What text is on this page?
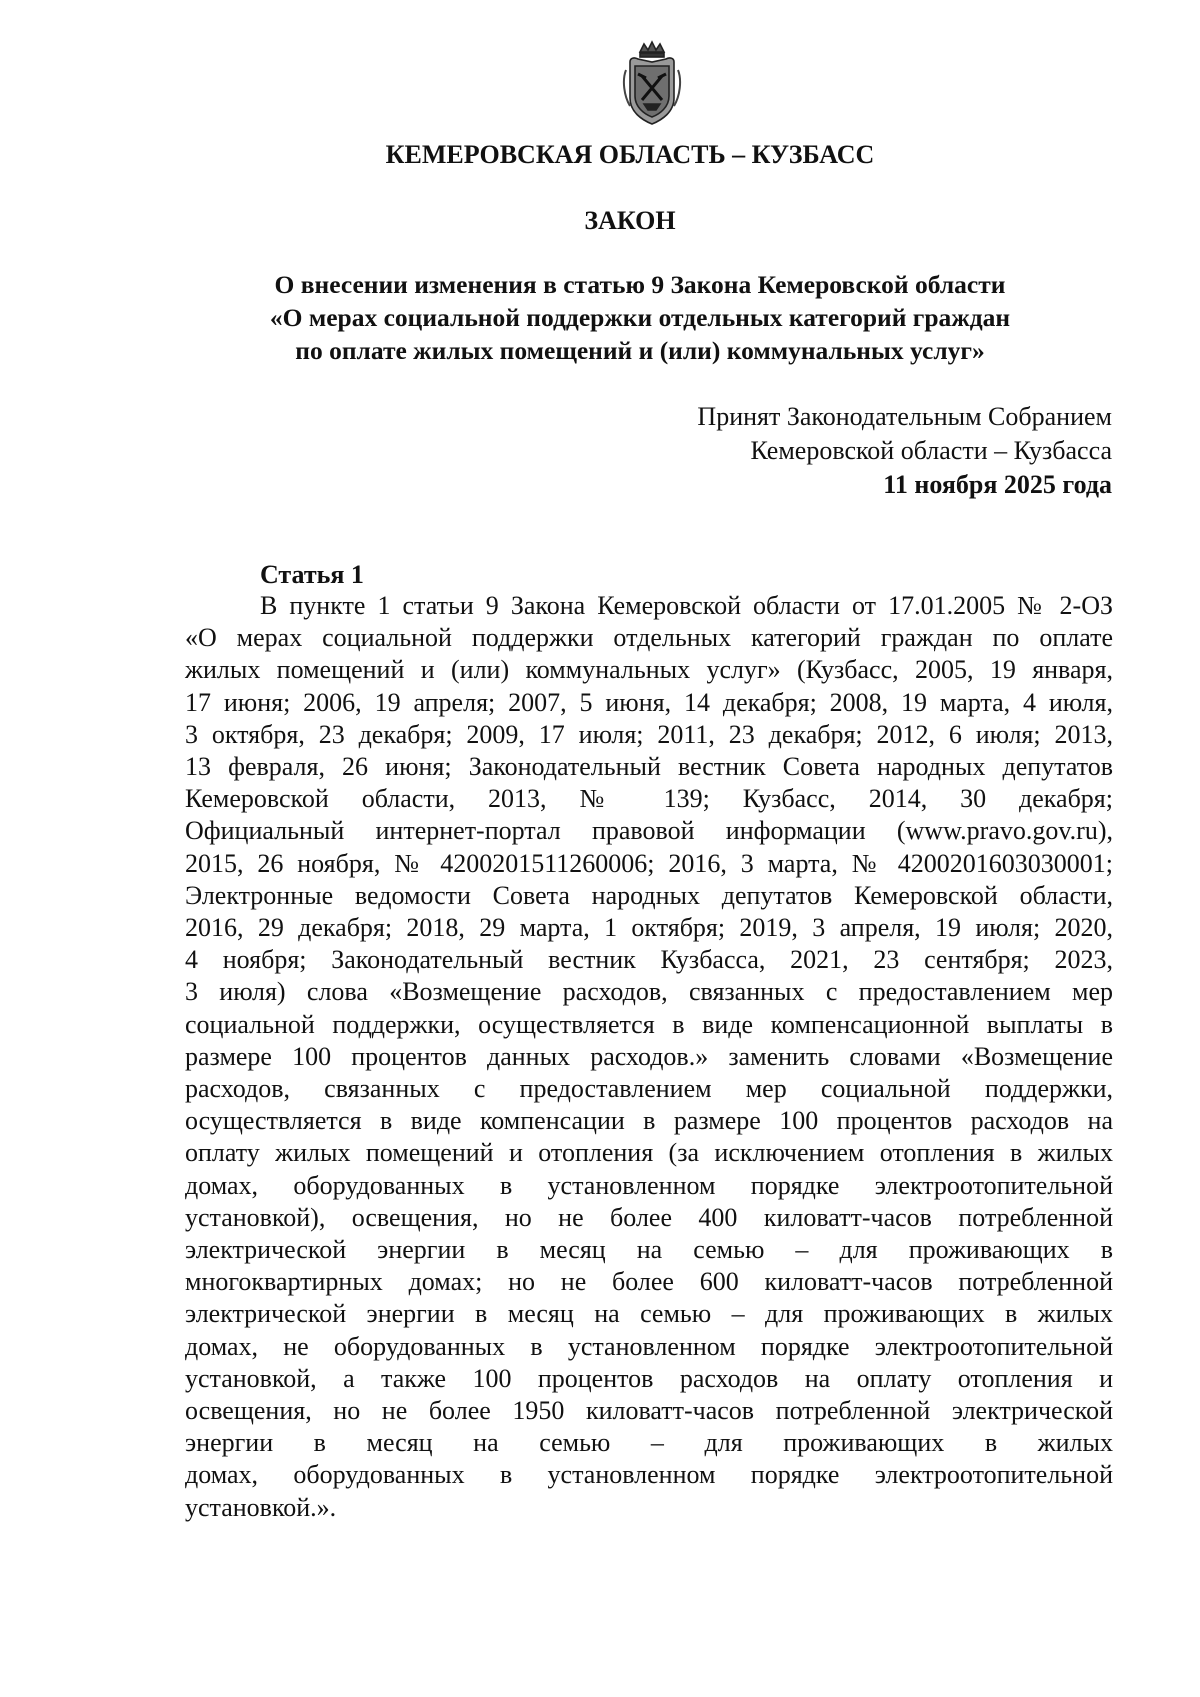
КЕМЕРОВСКАЯ ОБЛАСТЬ – КУЗБАСС
ЗАКОН
О внесении изменения в статью 9 Закона Кемеровской области
«О мерах социальной поддержки отдельных категорий граждан
по оплате жилых помещений и (или) коммунальных услуг»
Принят Законодательным Собранием
Кемеровской области – Кузбасса
11 ноября 2025 года
Статья 1
В пункте 1 статьи 9 Закона Кемеровской области от 17.01.2005 № 2-ОЗ
«О мерах социальной поддержки отдельных категорий граждан по оплате
жилых помещений и (или) коммунальных услуг» (Кузбасс, 2005, 19 января,
17 июня; 2006, 19 апреля; 2007, 5 июня, 14 декабря; 2008, 19 марта, 4 июля,
3 октября, 23 декабря; 2009, 17 июля; 2011, 23 декабря; 2012, 6 июля; 2013,
13 февраля, 26 июня; Законодательный вестник Совета народных депутатов
Кемеровской области, 2013, № 139; Кузбасс, 2014, 30 декабря;
Официальный интернет-портал правовой информации (www.pravo.gov.ru),
2015, 26 ноября, № 4200201511260006; 2016, 3 марта, № 4200201603030001;
Электронные ведомости Совета народных депутатов Кемеровской области,
2016, 29 декабря; 2018, 29 марта, 1 октября; 2019, 3 апреля, 19 июля; 2020,
4 ноября; Законодательный вестник Кузбасса, 2021, 23 сентября; 2023,
3 июля) слова «Возмещение расходов, связанных с предоставлением мер
социальной поддержки, осуществляется в виде компенсационной выплаты в
размере 100 процентов данных расходов.» заменить словами «Возмещение
расходов, связанных с предоставлением мер социальной поддержки,
осуществляется в виде компенсации в размере 100 процентов расходов на
оплату жилых помещений и отопления (за исключением отопления в жилых
домах, оборудованных в установленном порядке электроотопительной
установкой), освещения, но не более 400 киловатт-часов потребленной
электрической энергии в месяц на семью – для проживающих в
многоквартирных домах; но не более 600 киловатт-часов потребленной
электрической энергии в месяц на семью – для проживающих в жилых
домах, не оборудованных в установленном порядке электроотопительной
установкой, а также 100 процентов расходов на оплату отопления и
освещения, но не более 1950 киловатт-часов потребленной электрической
энергии в месяц на семью – для проживающих в жилых
домах, оборудованных в установленном порядке электроотопительной
установкой.».
